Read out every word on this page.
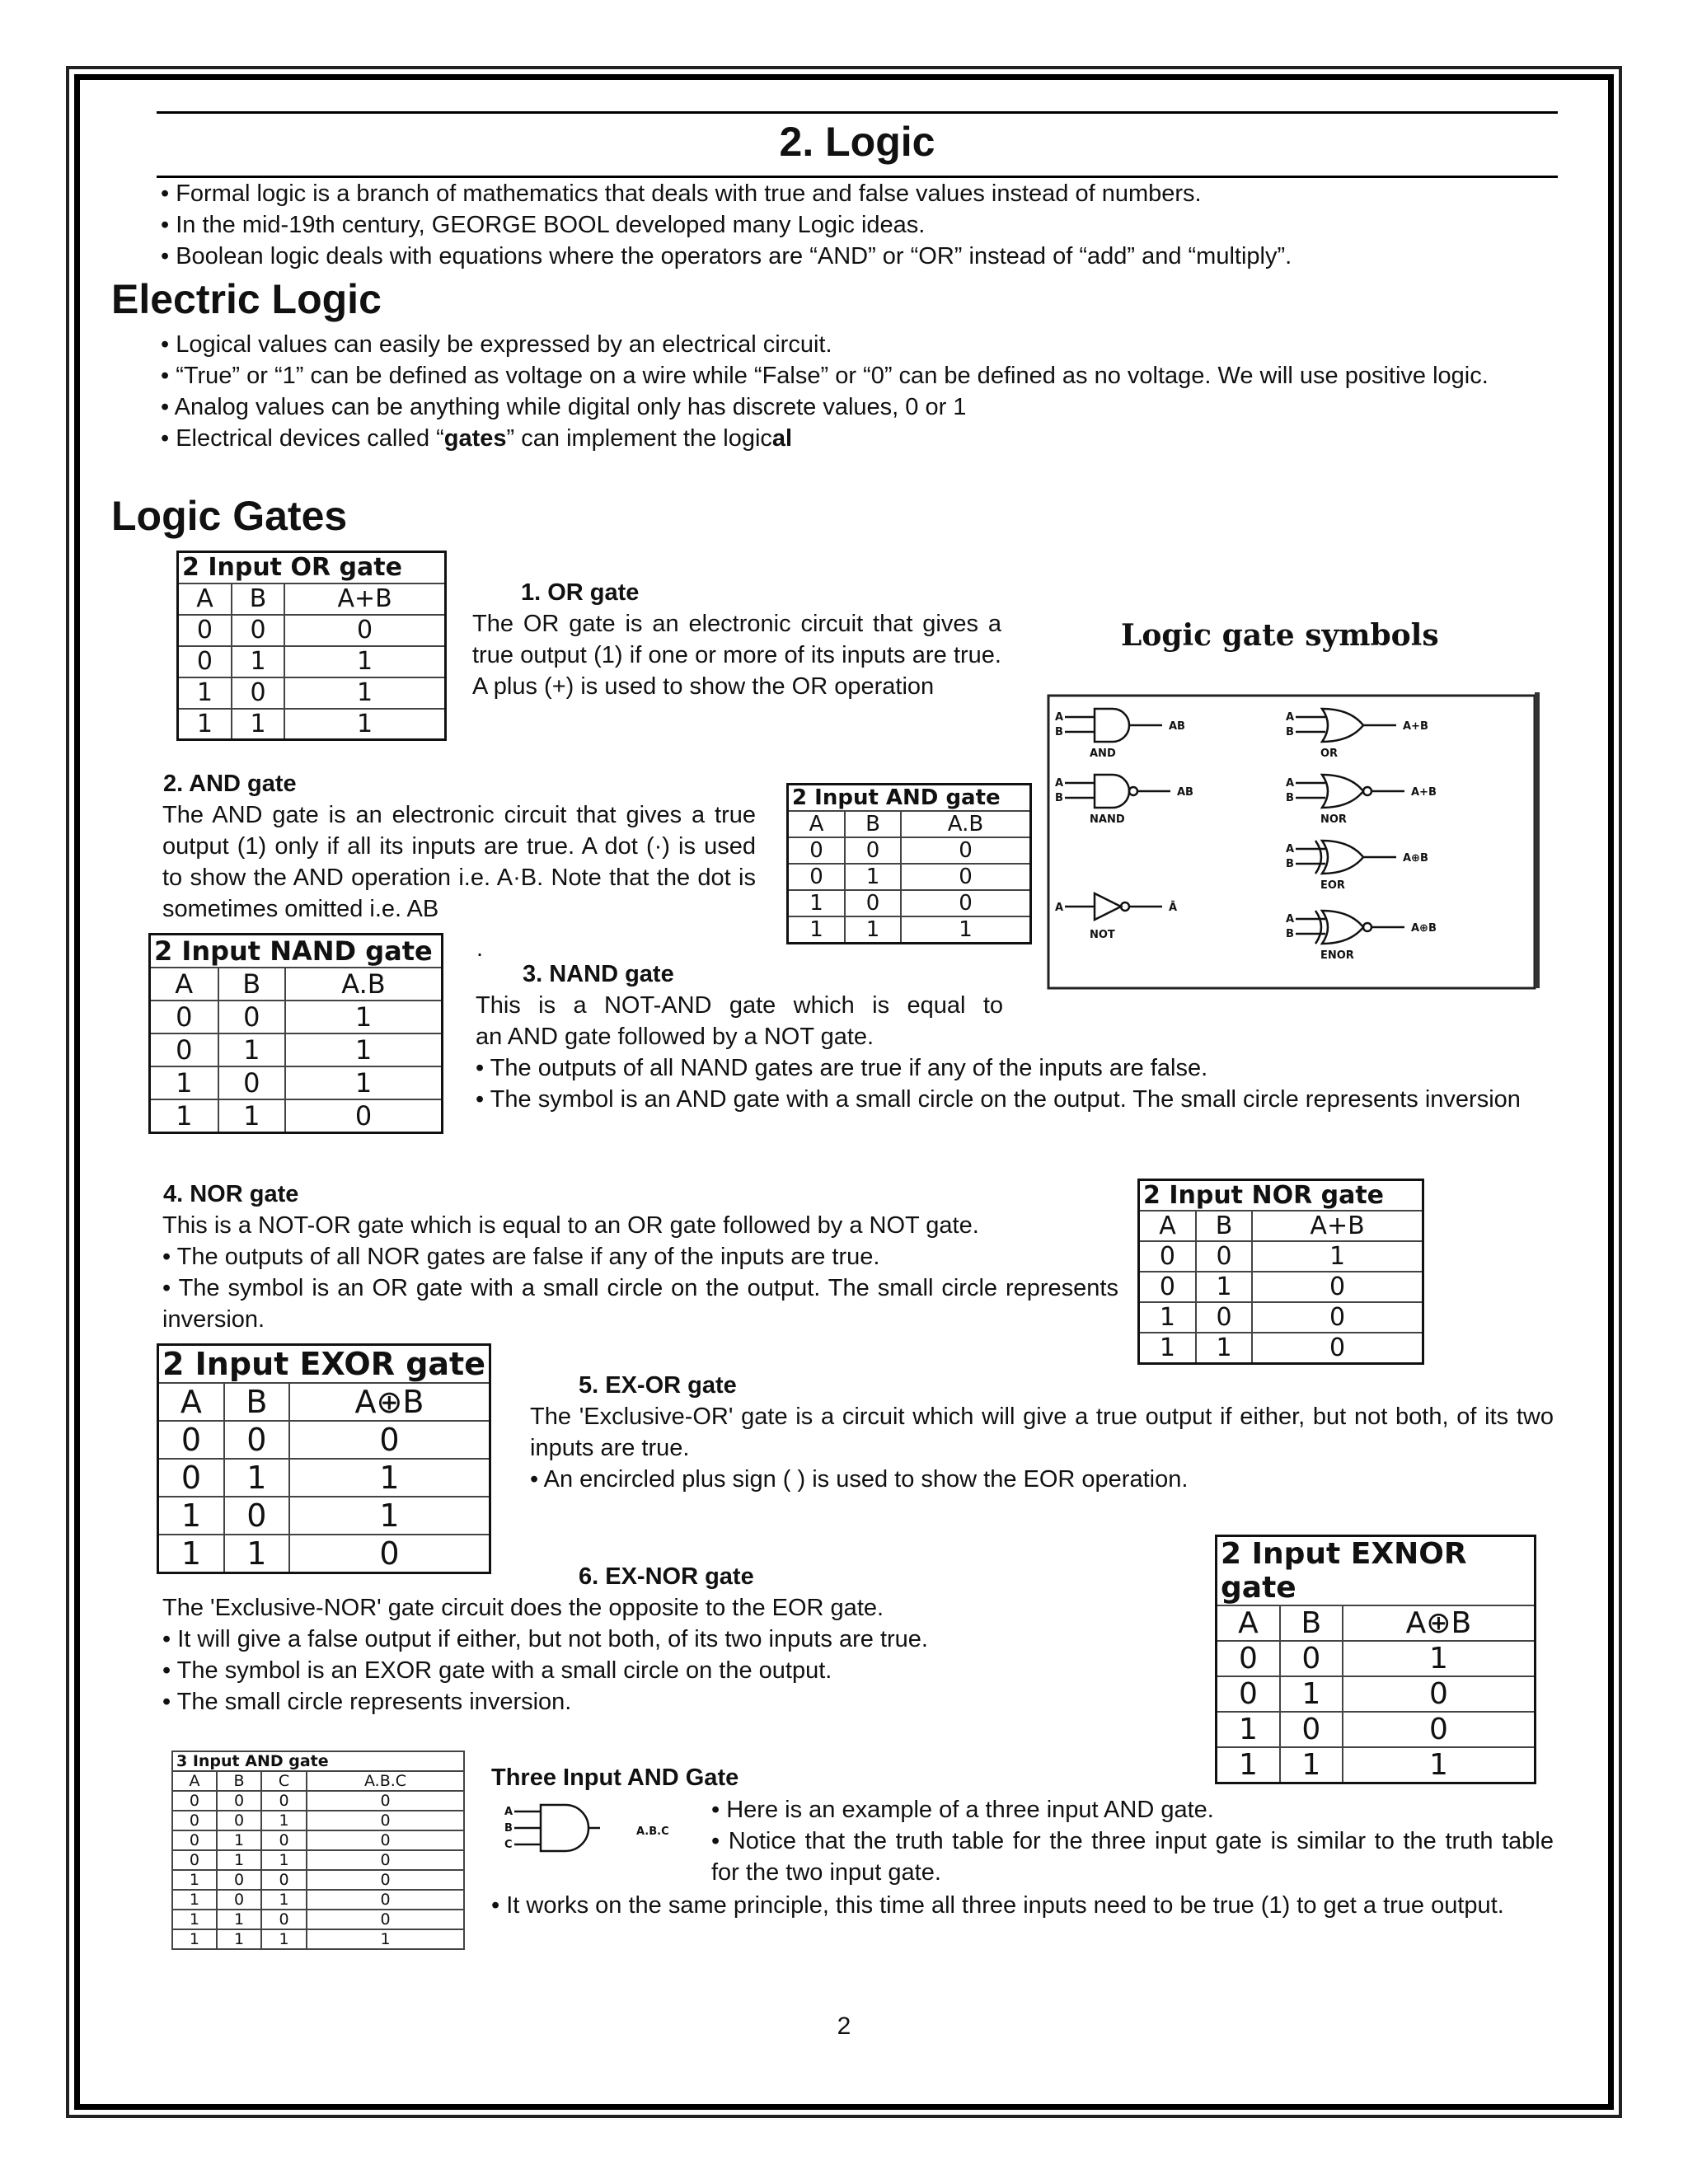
2. Logic
• Formal logic is a branch of mathematics that deals with true and false values instead of numbers.
• In the mid-19th century, GEORGE BOOL developed many Logic ideas.
• Boolean logic deals with equations where the operators are “AND” or “OR” instead of “add” and “multiply”.
Electric Logic
• Logical values can easily be expressed by an electrical circuit.
• “True” or “1” can be defined as voltage on a wire while “False” or “0” can be defined as no voltage. We will use positive logic.
• Analog values can be anything while digital only has discrete values, 0 or 1
• Electrical devices called “gates” can implement the logical
Logic Gates
2 Input OR gate		
A	B	A+B
0	0	0
0	1	1
1	0	1
1	1	1
1. OR gate
The OR gate is an electronic circuit that gives a true output (1) if one or more of its inputs are true. A plus (+) is used to show the OR operation
Logic gate symbols
A
B	AB
AND
A
B	A+B
OR
A
B	AB
NAND
A
B	A+B
NOR
A
B	A⊕B
EOR
A	Ā
NOT
A
B	A⊕B
ENOR
2. AND gate
The AND gate is an electronic circuit that gives a true output (1) only if all its inputs are true. A dot (·) is used to show the AND operation i.e. A·B. Note that the dot is sometimes omitted i.e. AB
2 Input AND gate		
A	B	A.B
0	0	0
0	1	0
1	0	0
1	1	1
2 Input NAND gate		
A	B	A.B
0	0	1
0	1	1
1	0	1
1	1	0
.
3. NAND gate
This is a NOT-AND gate which is equal to
an AND gate followed by a NOT gate.
• The outputs of all NAND gates are true if any of the inputs are false.
• The symbol is an AND gate with a small circle on the output. The small circle represents inversion
4. NOR gate
This is a NOT-OR gate which is equal to an OR gate followed by a NOT gate.
• The outputs of all NOR gates are false if any of the inputs are true.
• The symbol is an OR gate with a small circle on the output. The small circle represents inversion.
2 Input NOR gate		
A	B	A+B
0	0	1
0	1	0
1	0	0
1	1	0
2 Input EXOR gate		
A	B	A⊕B
0	0	0
0	1	1
1	0	1
1	1	0
5. EX-OR gate
The 'Exclusive-OR' gate is a circuit which will give a true output if either, but not both, of its two inputs are true.
• An encircled plus sign ( ) is used to show the EOR operation.
2 Input EXNOR gate		
A	B	A⊕B
0	0	1
0	1	0
1	0	0
1	1	1
6. EX-NOR gate
The 'Exclusive-NOR' gate circuit does the opposite to the EOR gate.
• It will give a false output if either, but not both, of its two inputs are true.
• The symbol is an EXOR gate with a small circle on the output.
• The small circle represents inversion.
3 Input AND gate			
A	B	C	A.B.C
0	0	0	0
0	0	1	0
0	1	0	0
0	1	1	0
1	0	0	0
1	0	1	0
1	1	0	0
1	1	1	1
Three Input AND Gate
A
B
C
A.B.C
• Here is an example of a three input AND gate.
• Notice that the truth table for the three input gate is similar to the truth table for the two input gate.
• It works on the same principle, this time all three inputs need to be true (1) to get a true output.
2
